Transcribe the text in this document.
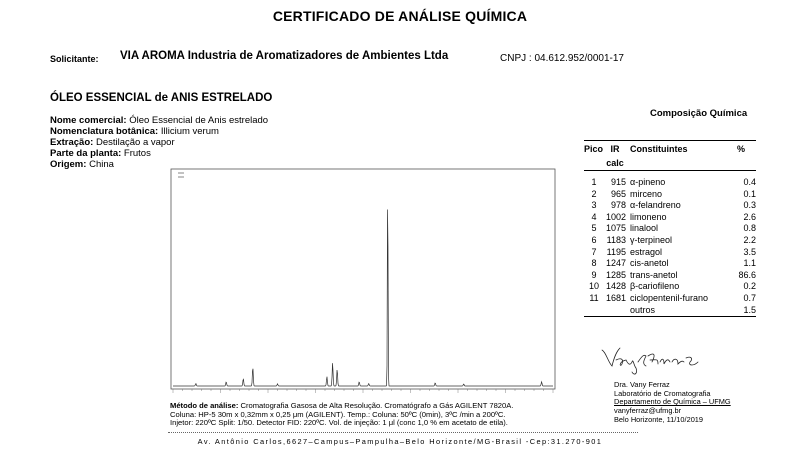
CERTIFICADO DE ANÁLISE QUÍMICA
Solicitante: VIA AROMA Industria de Aromatizadores de Ambientes Ltda	CNPJ : 04.612.952/0001-17
ÓLEO ESSENCIAL de ANIS ESTRELADO
Nome comercial: Óleo Essencial de Anis estrelado
Nomenclatura botânica: Illicium verum
Extração: Destilação a vapor
Parte da planta: Frutos
Origem: China
Composição Química
Pico	IR	Constituintes	%
	calc		
1	915	α-pineno	0.4
2	965	mirceno	0.1
3	978	α-felandreno	0.3
4	1002	limoneno	2.6
5	1075	linalool	0.8
6	1183	γ-terpineol	2.2
7	1195	estragol	3.5
8	1247	cis-anetol	1.1
9	1285	trans-anetol	86.6
10	1428	β-cariofileno	0.2
11	1681	ciclopentenil-furano	0.7
		outros	1.5
Método de análise: Cromatografia Gasosa de Alta Resolução. Cromatógrafo a Gás AGILENT 7820A.
Coluna: HP-5 30m x 0,32mm x 0,25 μm (AGILENT). Temp.: Coluna: 50ºC (0min), 3ºC /min a 200ºC.
Injetor: 220ºC Split: 1/50. Detector FID: 220ºC. Vol. de injeção: 1 μl (conc 1,0 % em acetato de etila).
Dra. Vany Ferraz
Laboratório de Cromatografia
Departamento de Química – UFMG
vanyferraz@ufmg.br
Belo Horizonte, 11/10/2019
Av. Antônio Carlos,6627–Campus–Pampulha–Belo Horizonte/MG-Brasil -Cep:31.270-901
